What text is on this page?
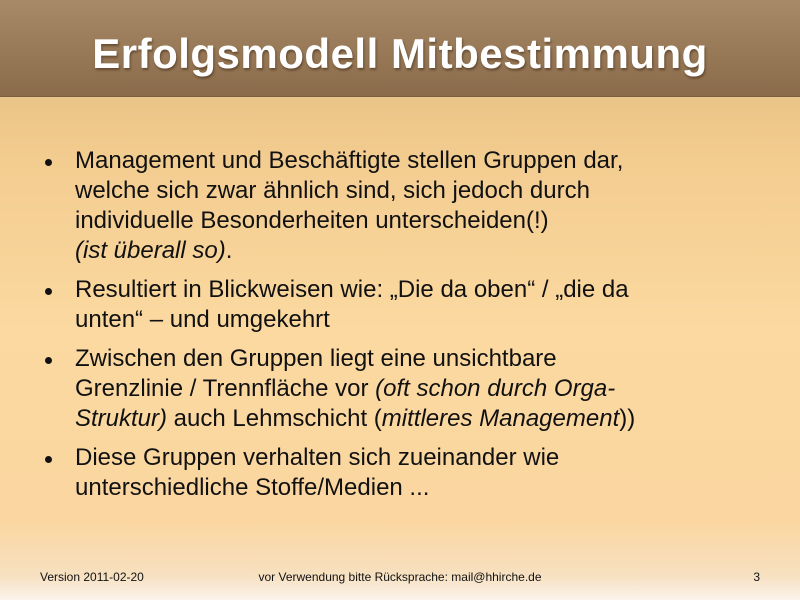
Erfolgsmodell Mitbestimmung
Management und Beschäftigte stellen Gruppen dar,
welche sich zwar ähnlich sind, sich jedoch durch
individuelle Besonderheiten unterscheiden(!)
(ist überall so).
Resultiert in Blickweisen wie: „Die da oben“ / „die da
unten“ – und umgekehrt
Zwischen den Gruppen liegt eine unsichtbare
Grenzlinie / Trennfläche vor (oft schon durch Orga-
Struktur) auch Lehmschicht (mittleres Management))
Diese Gruppen verhalten sich zueinander wie
unterschiedliche Stoffe/Medien ...
Version 2011-02-20	vor Verwendung bitte Rücksprache: mail@hhirche.de	3
